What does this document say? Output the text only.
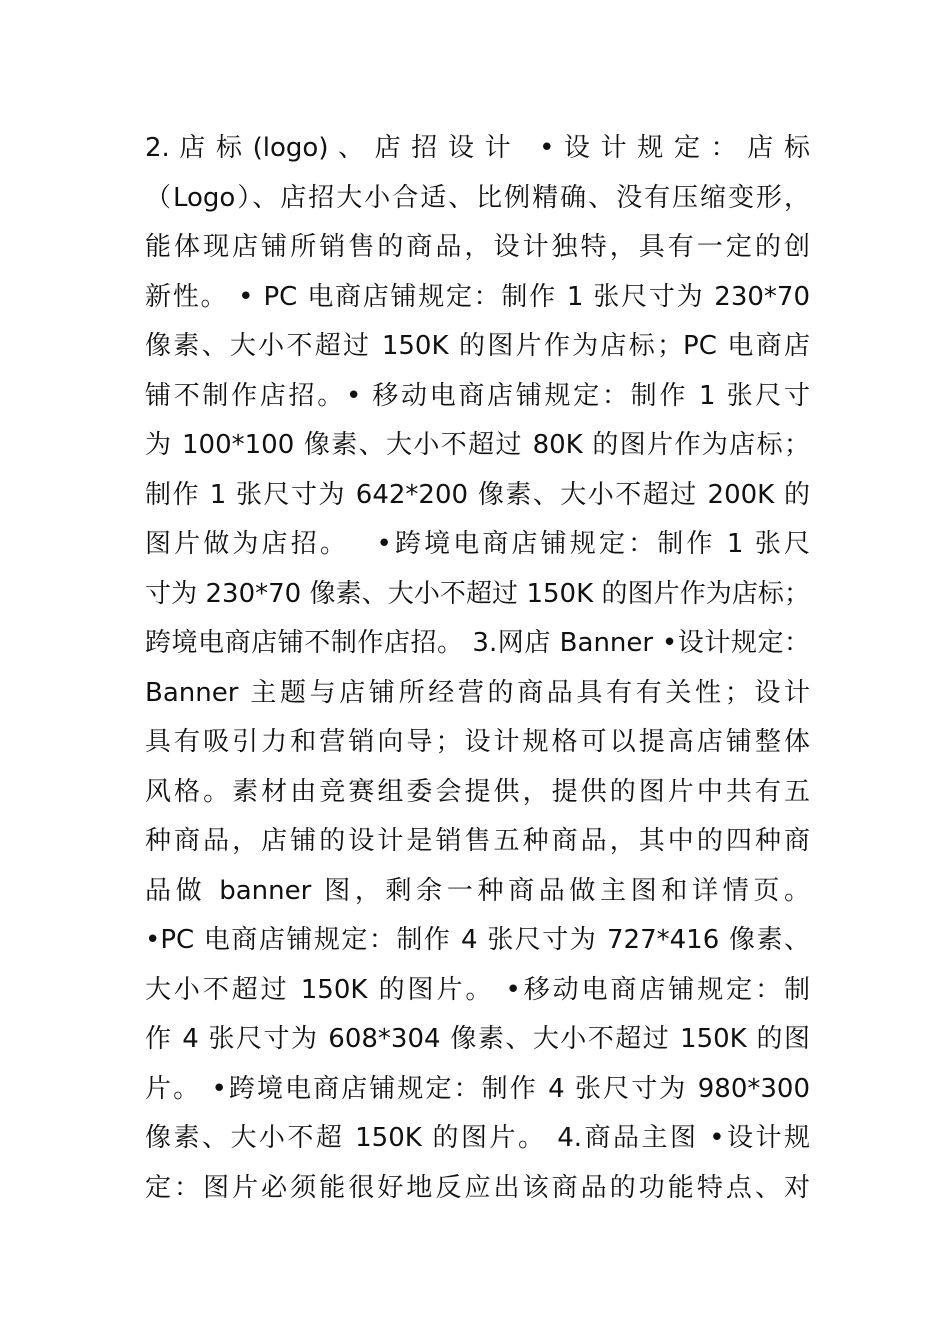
2. 店 标 (logo) 、 店 招 设 计　• 设 计 规 定 ： 店 标
（Logo）、店招大小合适、比例精确、没有压缩变形，
能体现店铺所销售的商品，设计独特，具有一定的创
新性。 • PC 电商店铺规定：制作 1 张尺寸为 230*70
像素、大小不超过 150K 的图片作为店标；PC 电商店
铺不制作店招。• 移动电商店铺规定：制作 1 张尺寸
为 100*100 像素、大小不超过 80K 的图片作为店标；
制作 1 张尺寸为 642*200 像素、大小不超过 200K 的
图片做为店招。　 •跨境电商店铺规定：制作 1 张尺
寸为 230*70 像素、大小不超过 150K 的图片作为店标；
跨境电商店铺不制作店招。 3.网店 Banner •设计规定：
Banner 主题与店铺所经营的商品具有有关性；设计
具有吸引力和营销向导；设计规格可以提高店铺整体
风格。素材由竞赛组委会提供，提供的图片中共有五
种商品，店铺的设计是销售五种商品，其中的四种商
品做 banner 图，剩余一种商品做主图和详情页。
•PC 电商店铺规定：制作 4 张尺寸为 727*416 像素、
大小不超过 150K 的图片。 •移动电商店铺规定：制
作 4 张尺寸为 608*304 像素、大小不超过 150K 的图
片。 •跨境电商店铺规定：制作 4 张尺寸为 980*300
像素、大小不超 150K 的图片。 4.商品主图 •设计规
定：图片必须能很好地反应出该商品的功能特点、对
